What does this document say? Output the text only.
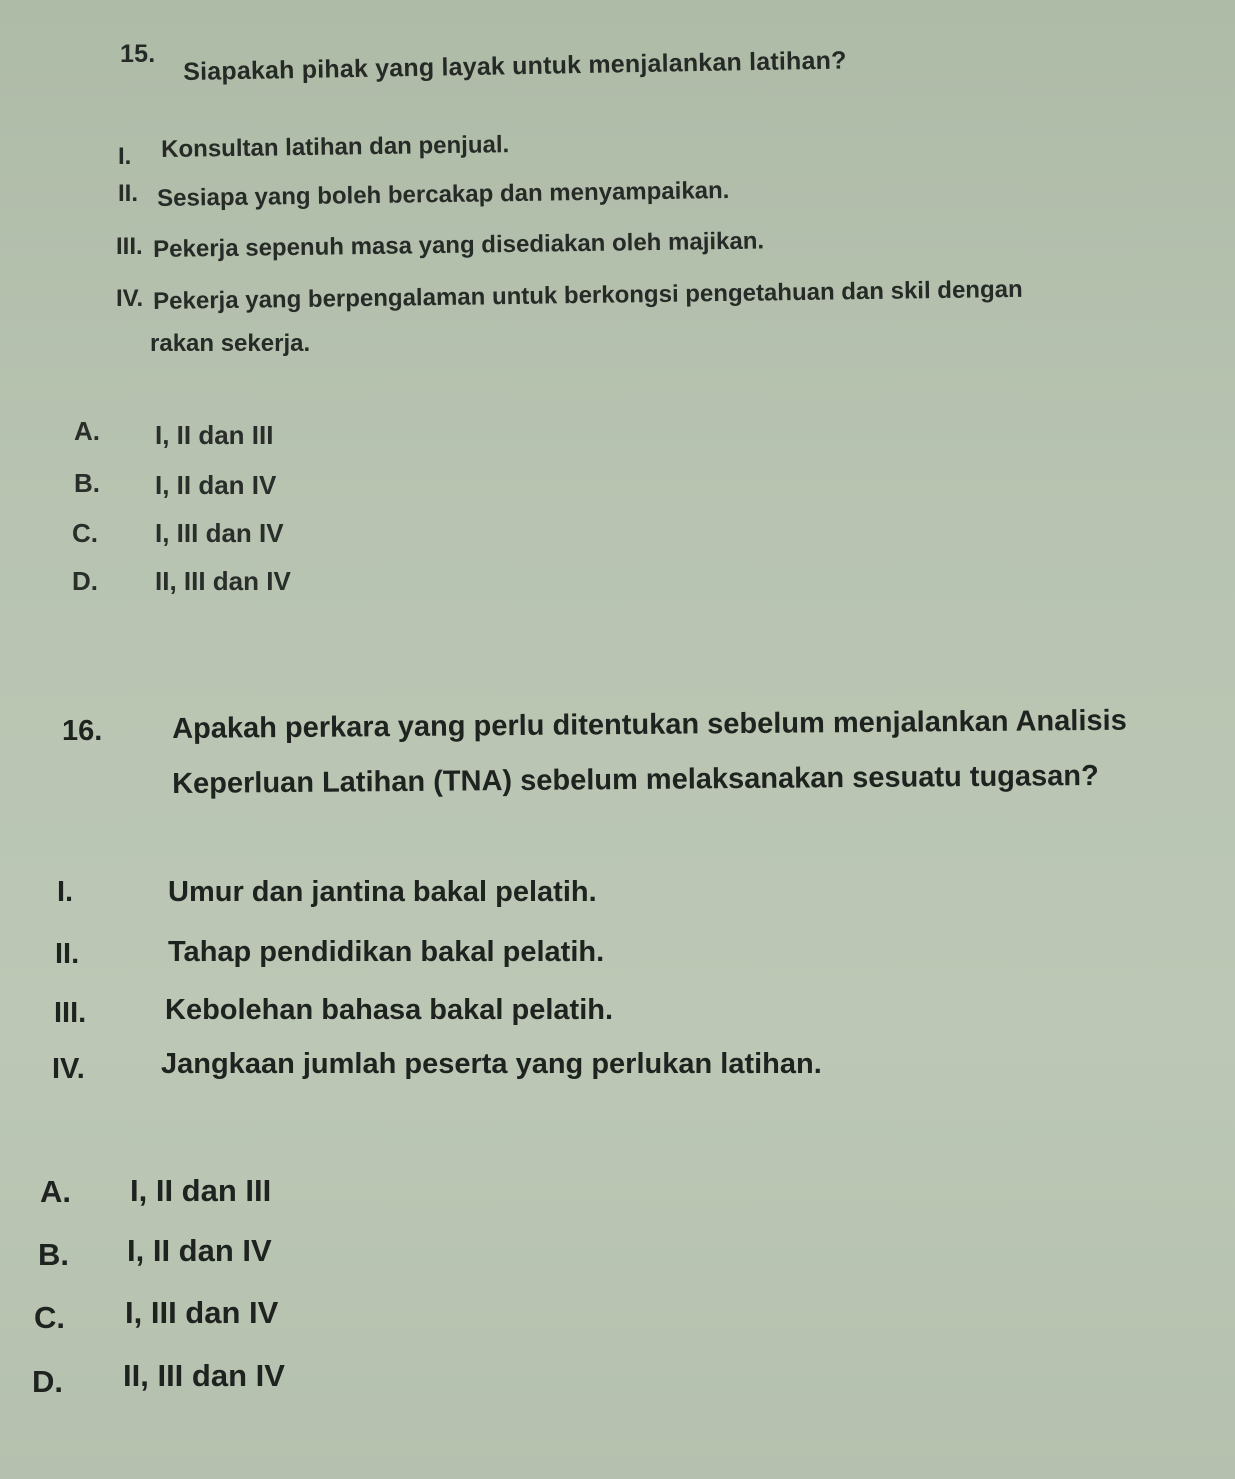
15. Siapakah pihak yang layak untuk menjalankan latihan?
I. Konsultan latihan dan penjual.
II. Sesiapa yang boleh bercakap dan menyampaikan.
III. Pekerja sepenuh masa yang disediakan oleh majikan.
IV. Pekerja yang berpengalaman untuk berkongsi pengetahuan dan skil dengan
rakan sekerja.
A. I, II dan III
B. I, II dan IV
C. I, III dan IV
D. II, III dan IV
16. Apakah perkara yang perlu ditentukan sebelum menjalankan Analisis
Keperluan Latihan (TNA) sebelum melaksanakan sesuatu tugasan?
I.	Umur dan jantina bakal pelatih.
II.	Tahap pendidikan bakal pelatih.
III.	Kebolehan bahasa bakal pelatih.
IV.	Jangkaan jumlah peserta yang perlukan latihan.
A. I, II dan III
B. I, II dan IV
C. I, III dan IV
D. II, III dan IV
